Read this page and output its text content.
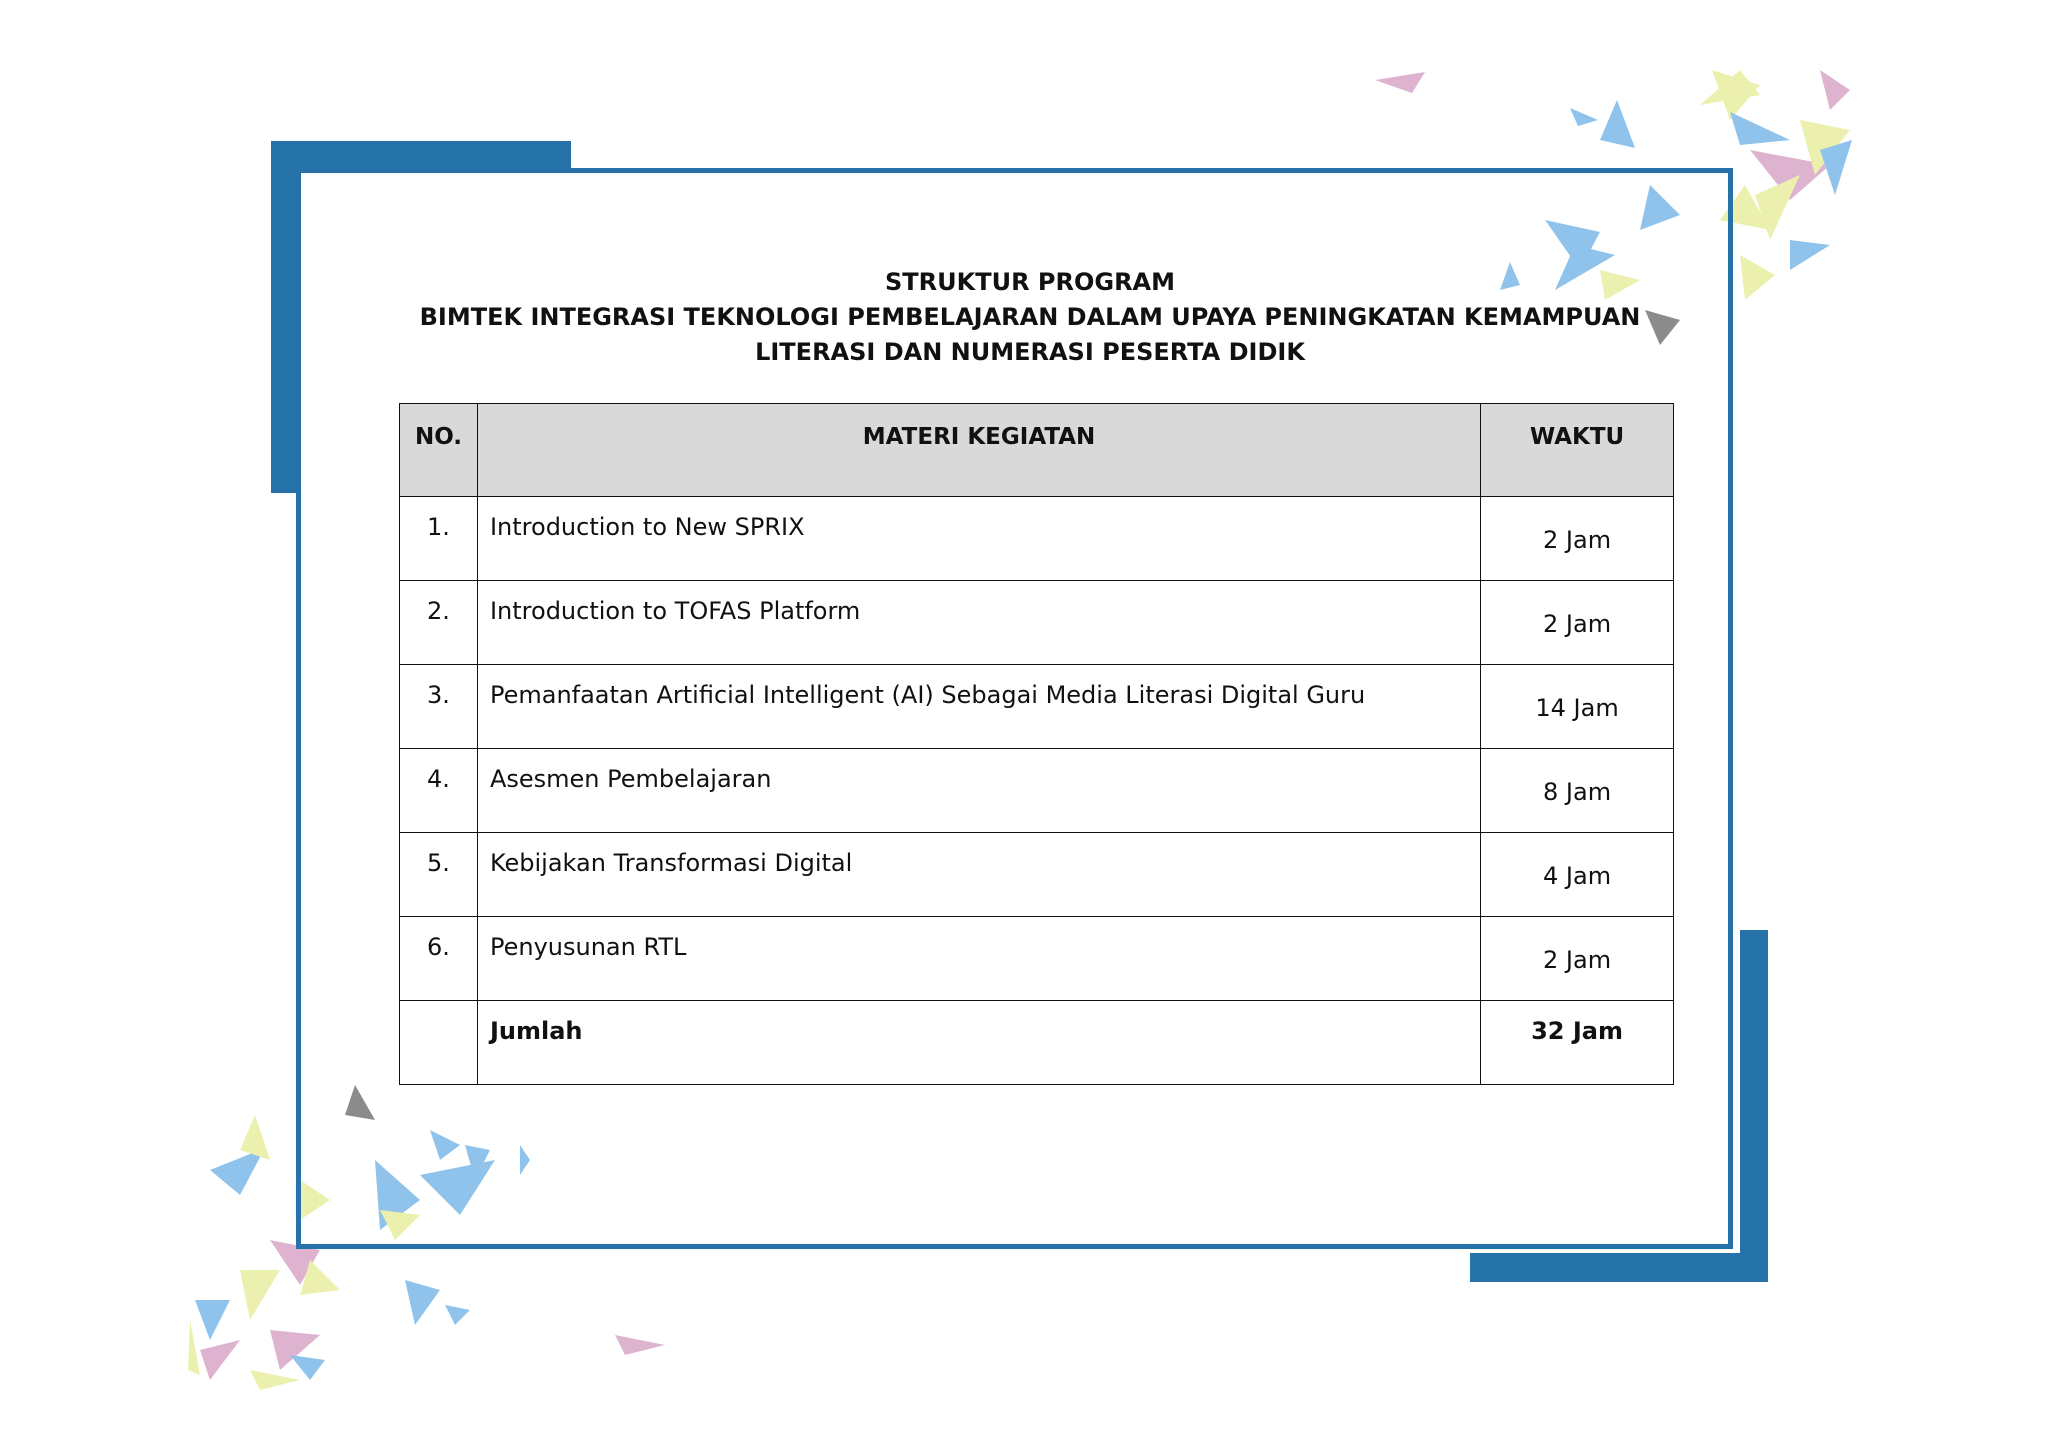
STRUKTUR PROGRAM
BIMTEK INTEGRASI TEKNOLOGI PEMBELAJARAN DALAM UPAYA PENINGKATAN KEMAMPUAN
LITERASI DAN NUMERASI PESERTA DIDIK
NO.	MATERI KEGIATAN	WAKTU
1.	Introduction to New SPRIX	2 Jam
2.	Introduction to TOFAS Platform	2 Jam
3.	Pemanfaatan Artificial Intelligent (AI) Sebagai Media Literasi Digital Guru	14 Jam
4.	Asesmen Pembelajaran	8 Jam
5.	Kebijakan Transformasi Digital	4 Jam
6.	Penyusunan RTL	2 Jam
	Jumlah	32 Jam
